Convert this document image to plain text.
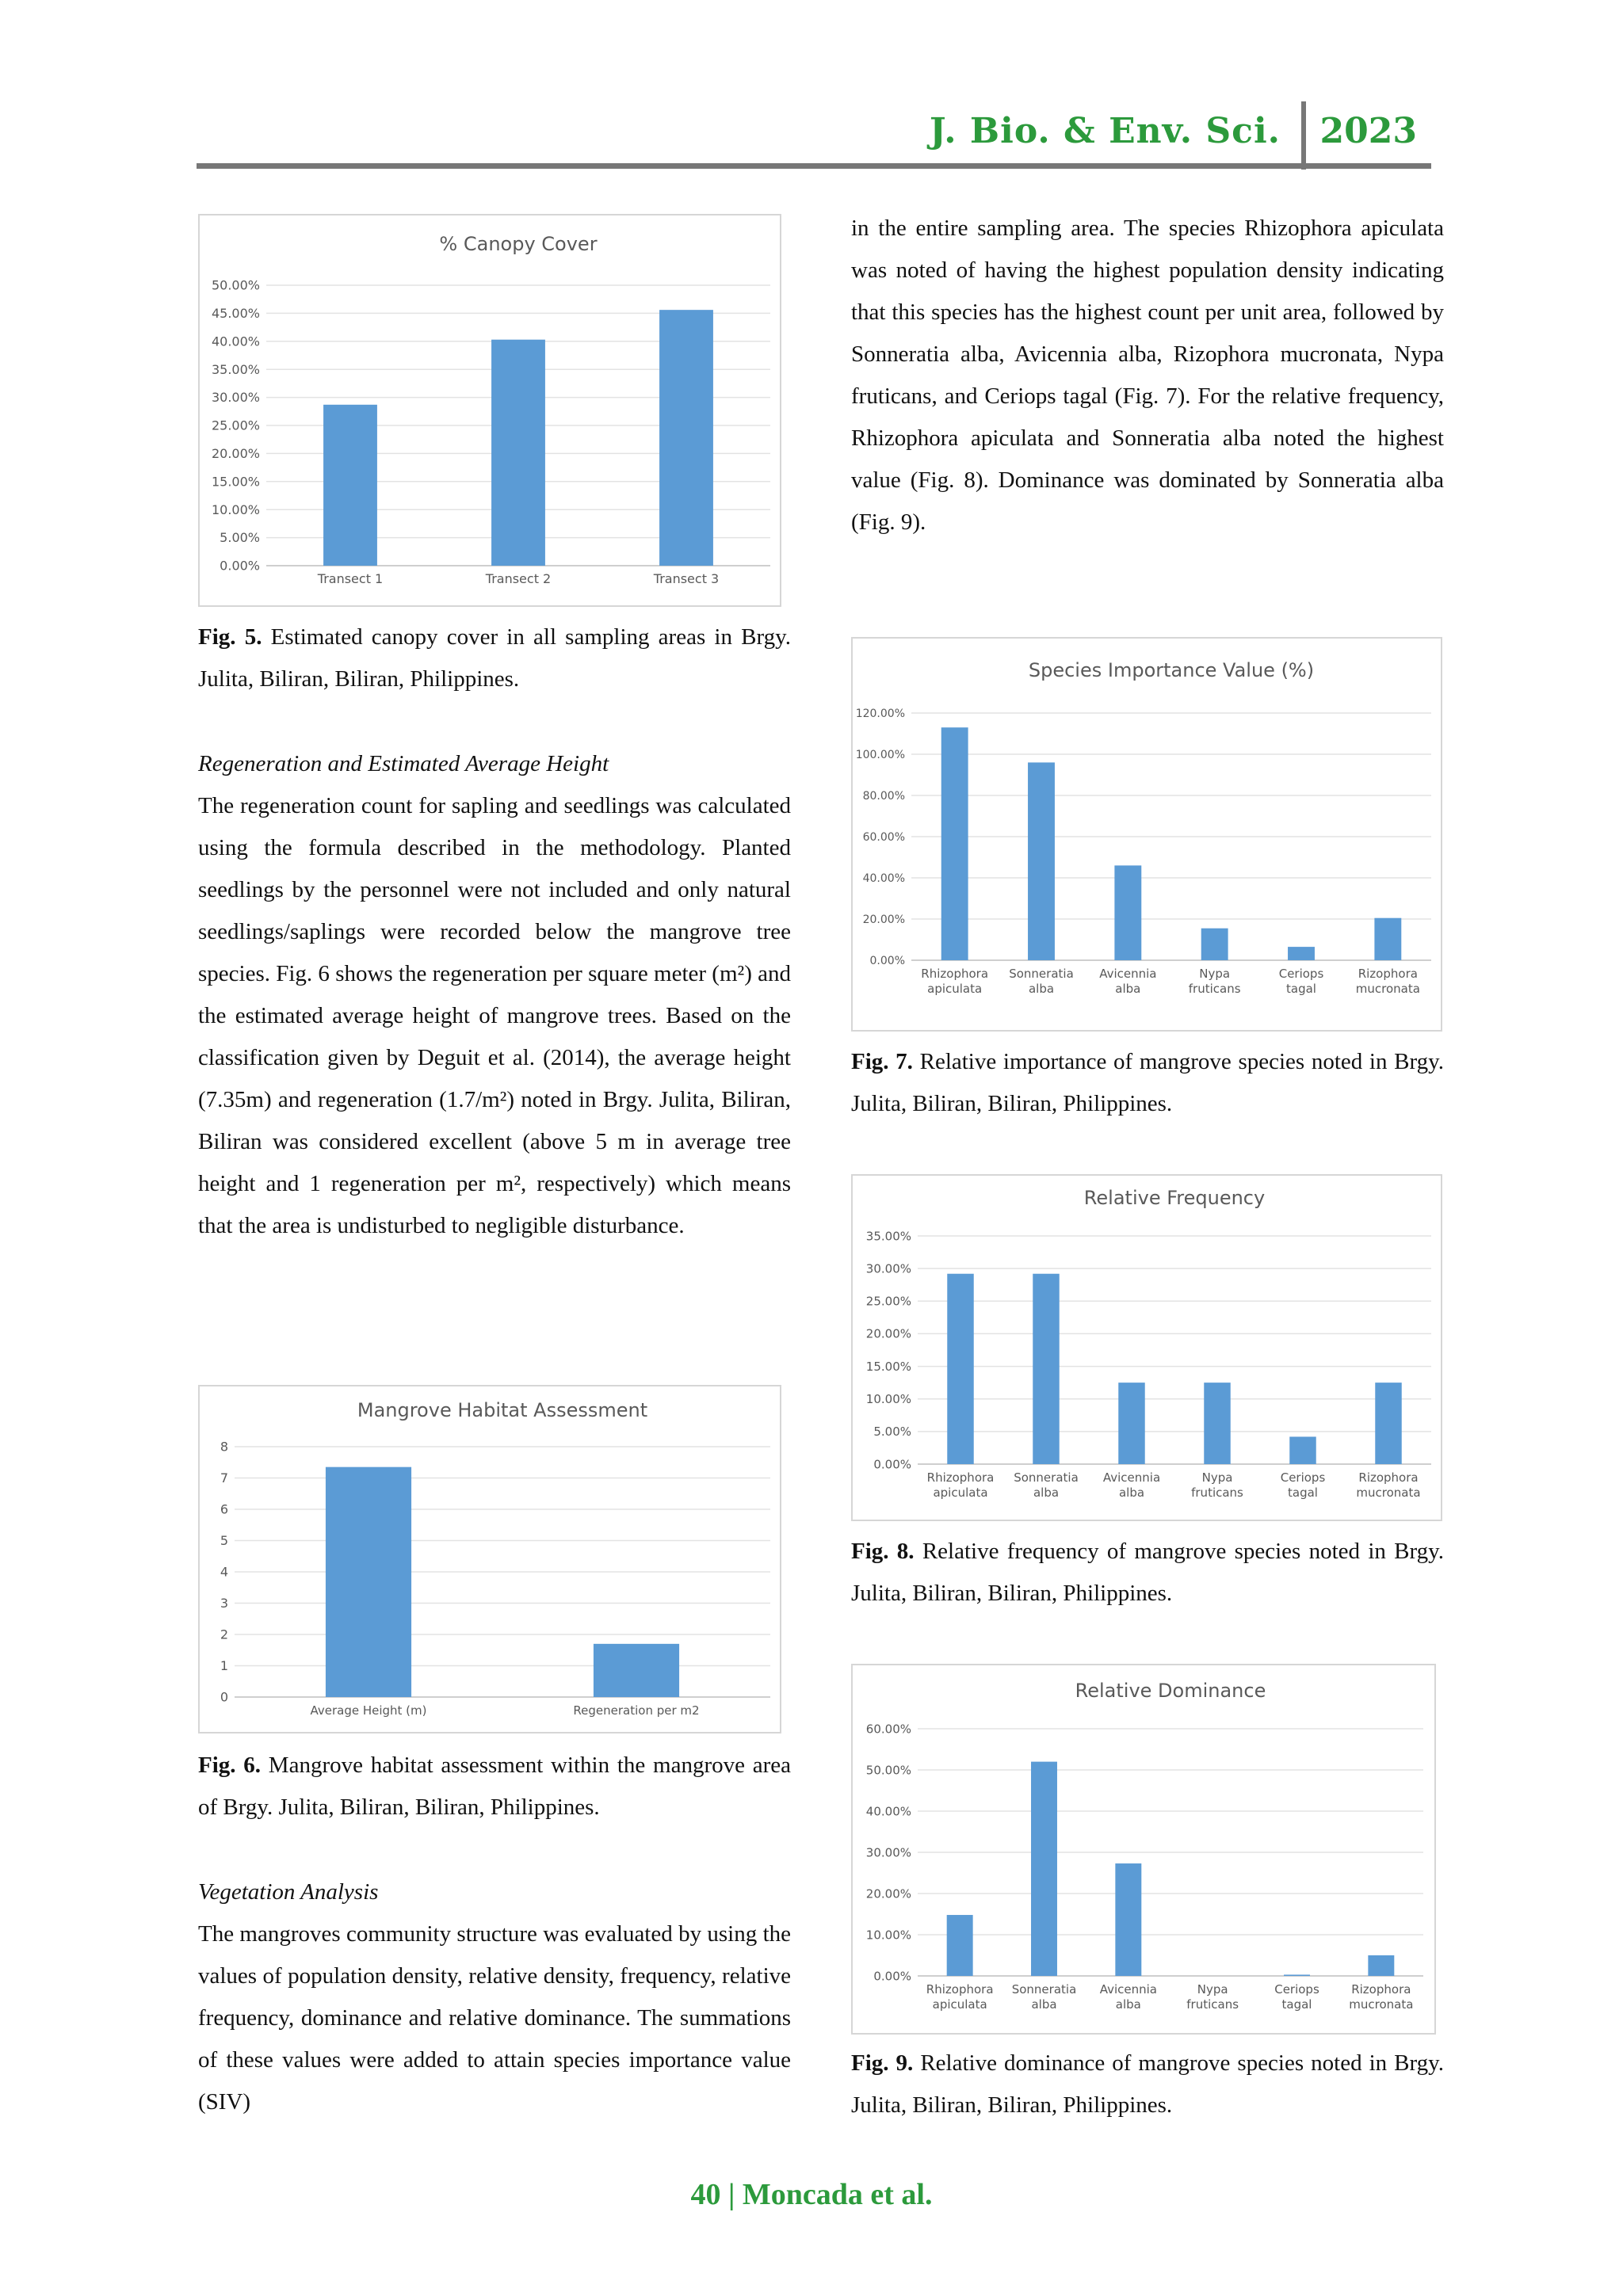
J. Bio. & Env. Sci. 2023
% Canopy Cover
0.00%
5.00%
10.00%
15.00%
20.00%
25.00%
30.00%
35.00%
40.00%
45.00%
50.00%
Transect 1	Transect 2	Transect 3
Fig. 5. Estimated canopy cover in all sampling areas in Brgy. Julita, Biliran, Biliran, Philippines.

Regeneration and Estimated Average Height

The regeneration count for sapling and seedlings was calculated using the formula described in the methodology. Planted seedlings by the personnel were not included and only natural seedlings/saplings were recorded below the mangrove tree species. Fig. 6 shows the regeneration per square meter (m²) and the estimated average height of mangrove trees. Based on the classification given by Deguit et al. (2014), the average height (7.35m) and regeneration (1.7/m²) noted in Brgy. Julita, Biliran, Biliran was considered excellent (above 5 m in average tree height and 1 regeneration per m², respectively) which means that the area is undisturbed to negligible disturbance.

Mangrove Habitat Assessment
0
1
2
3
4
5
6
7
8
Average Height (m)	Regeneration per m2
Fig. 6. Mangrove habitat assessment within the mangrove area of Brgy. Julita, Biliran, Biliran, Philippines.

Vegetation Analysis

The mangroves community structure was evaluated by using the values of population density, relative density, frequency, relative frequency, dominance and relative dominance. The summations of these values were added to attain species importance value (SIV)

in the entire sampling area. The species Rhizophora apiculata was noted of having the highest population density indicating that this species has the highest count per unit area, followed by Sonneratia alba, Avicennia alba, Rizophora mucronata, Nypa fruticans, and Ceriops tagal (Fig. 7). For the relative frequency, Rhizophora apiculata and Sonneratia alba noted the highest value (Fig. 8). Dominance was dominated by Sonneratia alba (Fig. 9).

Species Importance Value (%)
0.00%
20.00%
40.00%
60.00%
80.00%
100.00%
120.00%
Rhizophora apiculata
Sonneratia alba
Avicennia alba
Nypa fruticans
Ceriops tagal
Rizophora mucronata
Fig. 7. Relative importance of mangrove species noted in Brgy. Julita, Biliran, Biliran, Philippines.
Relative Frequency
0.00%
5.00%
10.00%
15.00%
20.00%
25.00%
30.00%
35.00%
Rhizophora apiculata
Sonneratia alba
Avicennia alba
Nypa fruticans
Ceriops tagal
Rizophora mucronata
Fig. 8. Relative frequency of mangrove species noted in Brgy. Julita, Biliran, Biliran, Philippines.
Relative Dominance
0.00%
10.00%
20.00%
30.00%
40.00%
50.00%
60.00%
Rhizophora apiculata
Sonneratia alba
Avicennia alba
Nypa fruticans
Ceriops tagal
Rizophora mucronata
Fig. 9. Relative dominance of mangrove species noted in Brgy. Julita, Biliran, Biliran, Philippines.
40 | Moncada et al.
